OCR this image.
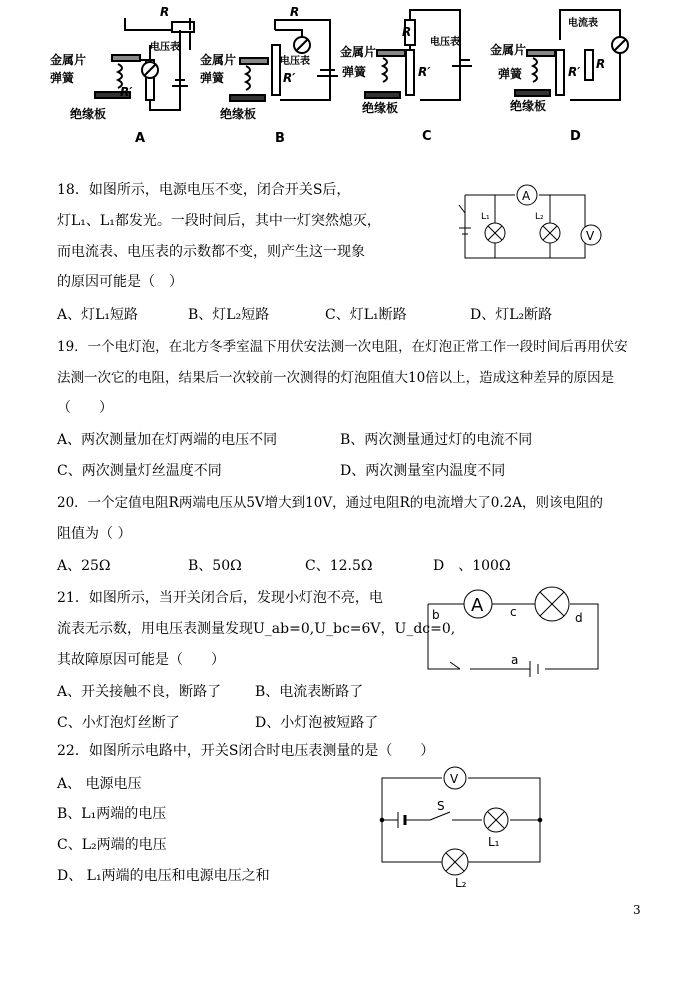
R
电压表
金属片
弹簧
R′
绝缘板
A
R
金属片
弹簧	R′
电压表
绝缘板
B
R
电压表
金属片
弹簧	R′
绝缘板
C
电流表
R
金属片
弹簧	R′
绝缘板
D
18．如图所示，电源电压不变，闭合开关S后，
灯L₁、L₁都发光。一段时间后，其中一灯突然熄灭，
而电流表、电压表的示数都不变，则产生这一现象
的原因可能是（　）
A、灯L₁短路	B、灯L₂短路	C、灯L₁断路	D、灯L₂断路
A
L₁	L₂
V
19．一个电灯泡，在北方冬季室温下用伏安法测一次电阻，在灯泡正常工作一段时间后再用伏安
法测一次它的电阻，结果后一次较前一次测得的灯泡阻值大10倍以上，造成这种差异的原因是
（　　）
A、两次测量加在灯两端的电压不同	B、两次测量通过灯的电流不同
C、两次测量灯丝温度不同	D、两次测量室内温度不同
20．一个定值电阻R两端电压从5V增大到10V，通过电阻R的电流增大了0.2A，则该电阻的
阻值为（ ）
A、25Ω	B、50Ω	C、12.5Ω	D　、100Ω
21．如图所示，当开关闭合后，发现小灯泡不亮，电
流表无示数，用电压表测量发现U_ab=0,U_bc=6V，U_dc=0,
其故障原因可能是（　　）
A、开关接触不良，断路了 B、电流表断路了
C、小灯泡灯丝断了	D、小灯泡被短路了
A
b	c	d
a
22．如图所示电路中，开关S闭合时电压表测量的是（　　）
A、 电源电压
B、L₁两端的电压
C、L₂两端的电压
D、 L₁两端的电压和电源电压之和
V
S
L₁
L₂
3
